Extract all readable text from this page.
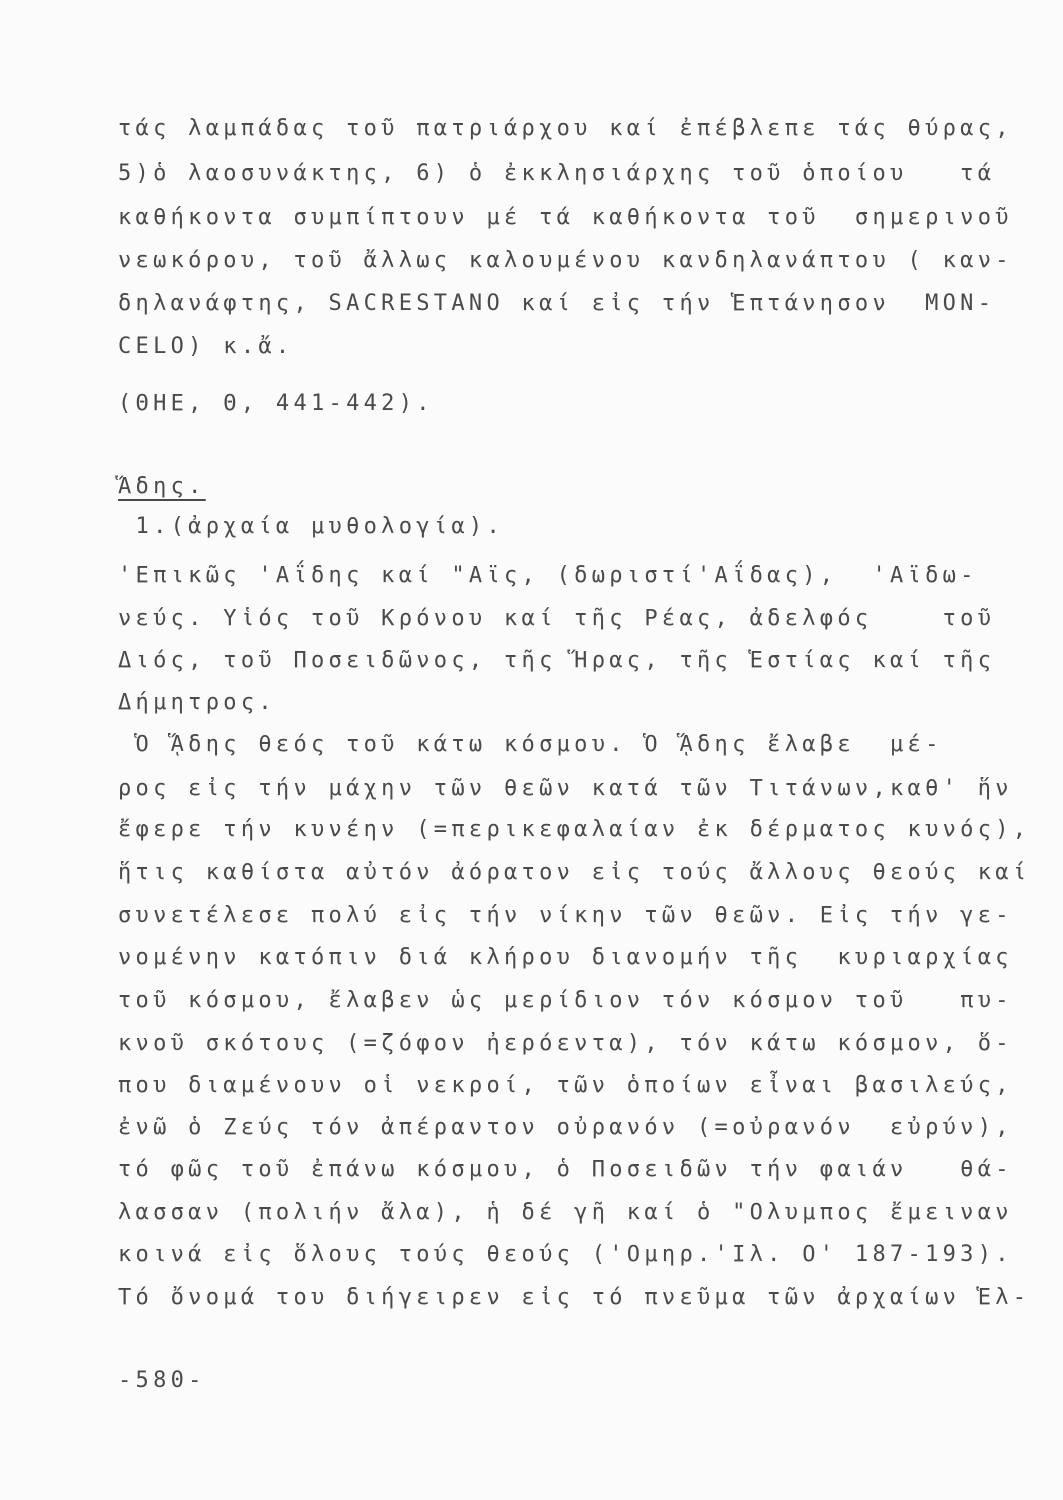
τάς λαμπάδας τοῦ πατριάρχου καί ἐπέβλεπε τάς θύρας,

5)ὁ λαοσυνάκτης, 6) ὁ ἐκκλησιάρχης τοῦ ὁποίου   τά

καθήκοντα συμπίπτουν μέ τά καθήκοντα τοῦ  σημερινοῦ

νεωκόρου, τοῦ ἄλλως καλουμένου κανδηλανάπτου ( καν-

δηλανάφτης, SACRESTANO καί εἰς τήν Ἑπτάνησον  MON-

CELO) κ.ἄ.

(ΘΗΕ, Θ, 441-442).

Ἅδης.

1.(ἀρχαία μυθολογία).

'Επικῶς 'Αΐδης καί "Αϊς, (δωριστί'Αΐδας),  'Αϊδω-

νεύς. Υἱός τοῦ Κρόνου καί τῆς Ρέας, ἀδελφός    τοῦ

Διός, τοῦ Ποσειδῶνος, τῆς Ἥρας, τῆς Ἑστίας καί τῆς

Δήμητρος.

Ὁ ᾍδης θεός τοῦ κάτω κόσμου. Ὁ ᾍδης ἔλαβε  μέ-

ρος εἰς τήν μάχην τῶν θεῶν κατά τῶν Τιτάνων,καθ' ἥν

ἔφερε τήν κυνέην (=περικεφαλαίαν ἐκ δέρματος κυνός),

ἥτις καθίστα αὐτόν ἀόρατον εἰς τούς ἄλλους θεούς καί

συνετέλεσε πολύ εἰς τήν νίκην τῶν θεῶν. Εἰς τήν γε-

νομένην κατόπιν διά κλήρου διανομήν τῆς  κυριαρχίας

τοῦ κόσμου, ἔλαβεν ὡς μερίδιον τόν κόσμον τοῦ   πυ-

κνοῦ σκότους (=ζόφον ἠερόεντα), τόν κάτω κόσμον, ὅ-

που διαμένουν οἱ νεκροί, τῶν ὁποίων εἶναι βασιλεύς,

ἐνῶ ὁ Ζεύς τόν ἀπέραντον οὐρανόν (=οὐρανόν  εὐρύν),

τό φῶς τοῦ ἐπάνω κόσμου, ὁ Ποσειδῶν τήν φαιάν   θά-

λασσαν (πολιήν ἄλα), ἡ δέ γῆ καί ὁ "Ολυμπος ἔμειναν

κοινά εἰς ὅλους τούς θεούς ('Ομηρ.'Ιλ. Ο' 187-193).

Τό ὄνομά του διήγειρεν εἰς τό πνεῦμα τῶν ἀρχαίων Ἑλ-

-580-
